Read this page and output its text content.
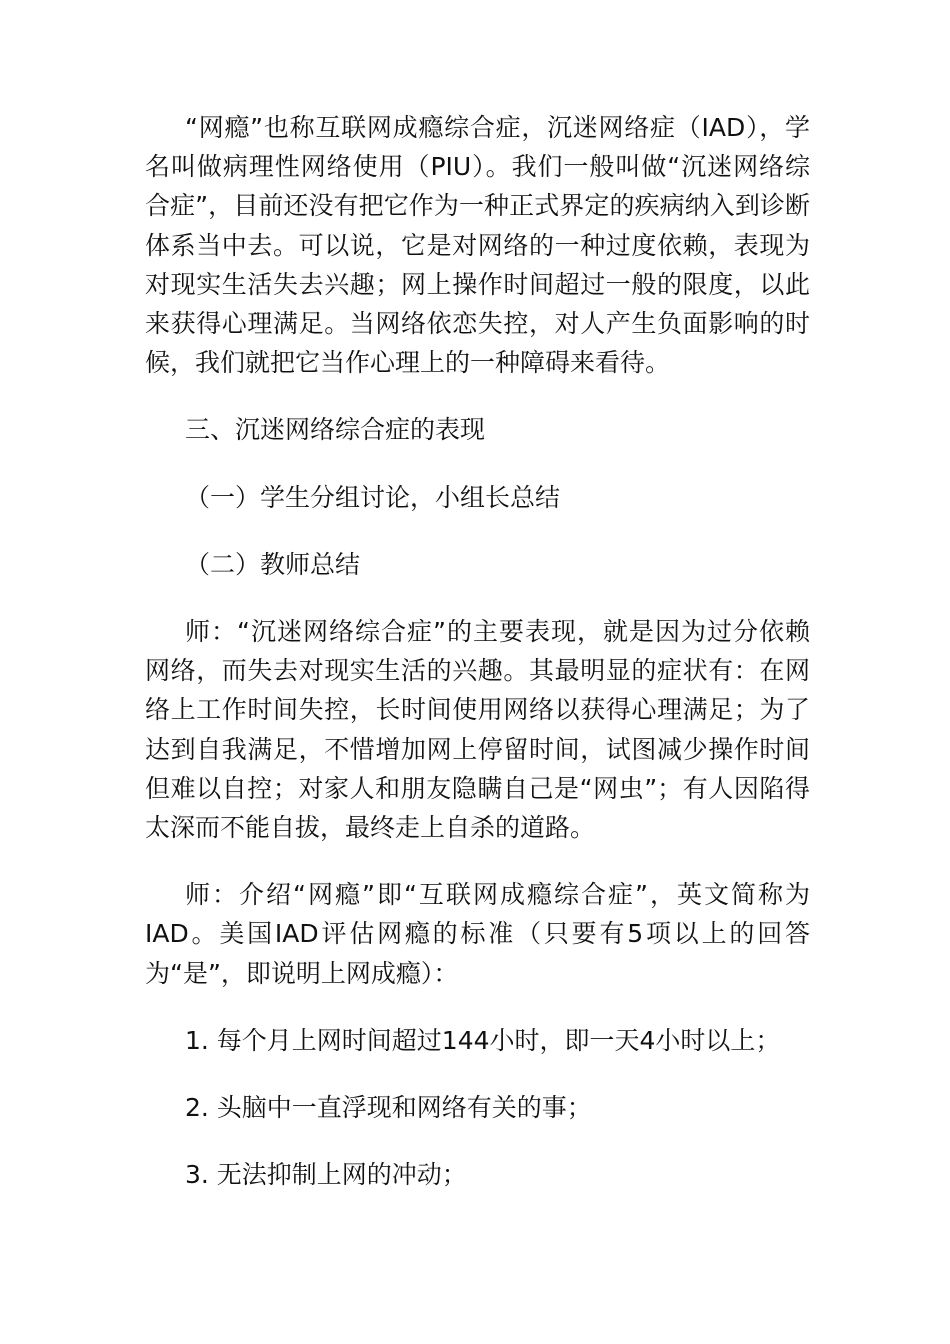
“网瘾”也称互联网成瘾综合症，沉迷网络症（IAD），学名叫做病理性网络使用（PIU）。我们一般叫做“沉迷网络综合症”，目前还没有把它作为一种正式界定的疾病纳入到诊断体系当中去。可以说，它是对网络的一种过度依赖，表现为对现实生活失去兴趣；网上操作时间超过一般的限度，以此来获得心理满足。当网络依恋失控，对人产生负面影响的时候，我们就把它当作心理上的一种障碍来看待。

三、沉迷网络综合症的表现

（一）学生分组讨论，小组长总结

（二）教师总结

师：“沉迷网络综合症”的主要表现，就是因为过分依赖网络，而失去对现实生活的兴趣。其最明显的症状有：在网络上工作时间失控，长时间使用网络以获得心理满足；为了达到自我满足，不惜增加网上停留时间，试图减少操作时间但难以自控；对家人和朋友隐瞒自己是“网虫”；有人因陷得太深而不能自拔，最终走上自杀的道路。

师：介绍“网瘾”即“互联网成瘾综合症”，英文简称为IAD。美国IAD评估网瘾的标准（只要有5项以上的回答为“是”，即说明上网成瘾）：

1. 每个月上网时间超过144小时，即一天4小时以上；

2. 头脑中一直浮现和网络有关的事；

3. 无法抑制上网的冲动；
